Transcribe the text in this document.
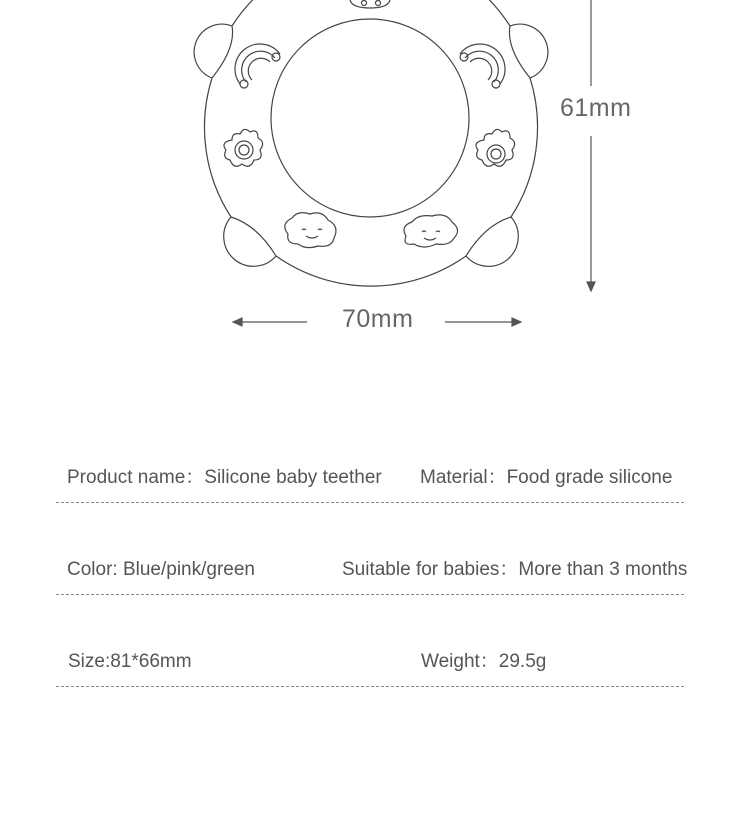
61mm
70mm
Product name：Silicone baby teether Material：Food grade silicone
Color: Blue/pink/green	Suitable for babies：More than 3 months
Size:81*66mm	Weight：29.5g
